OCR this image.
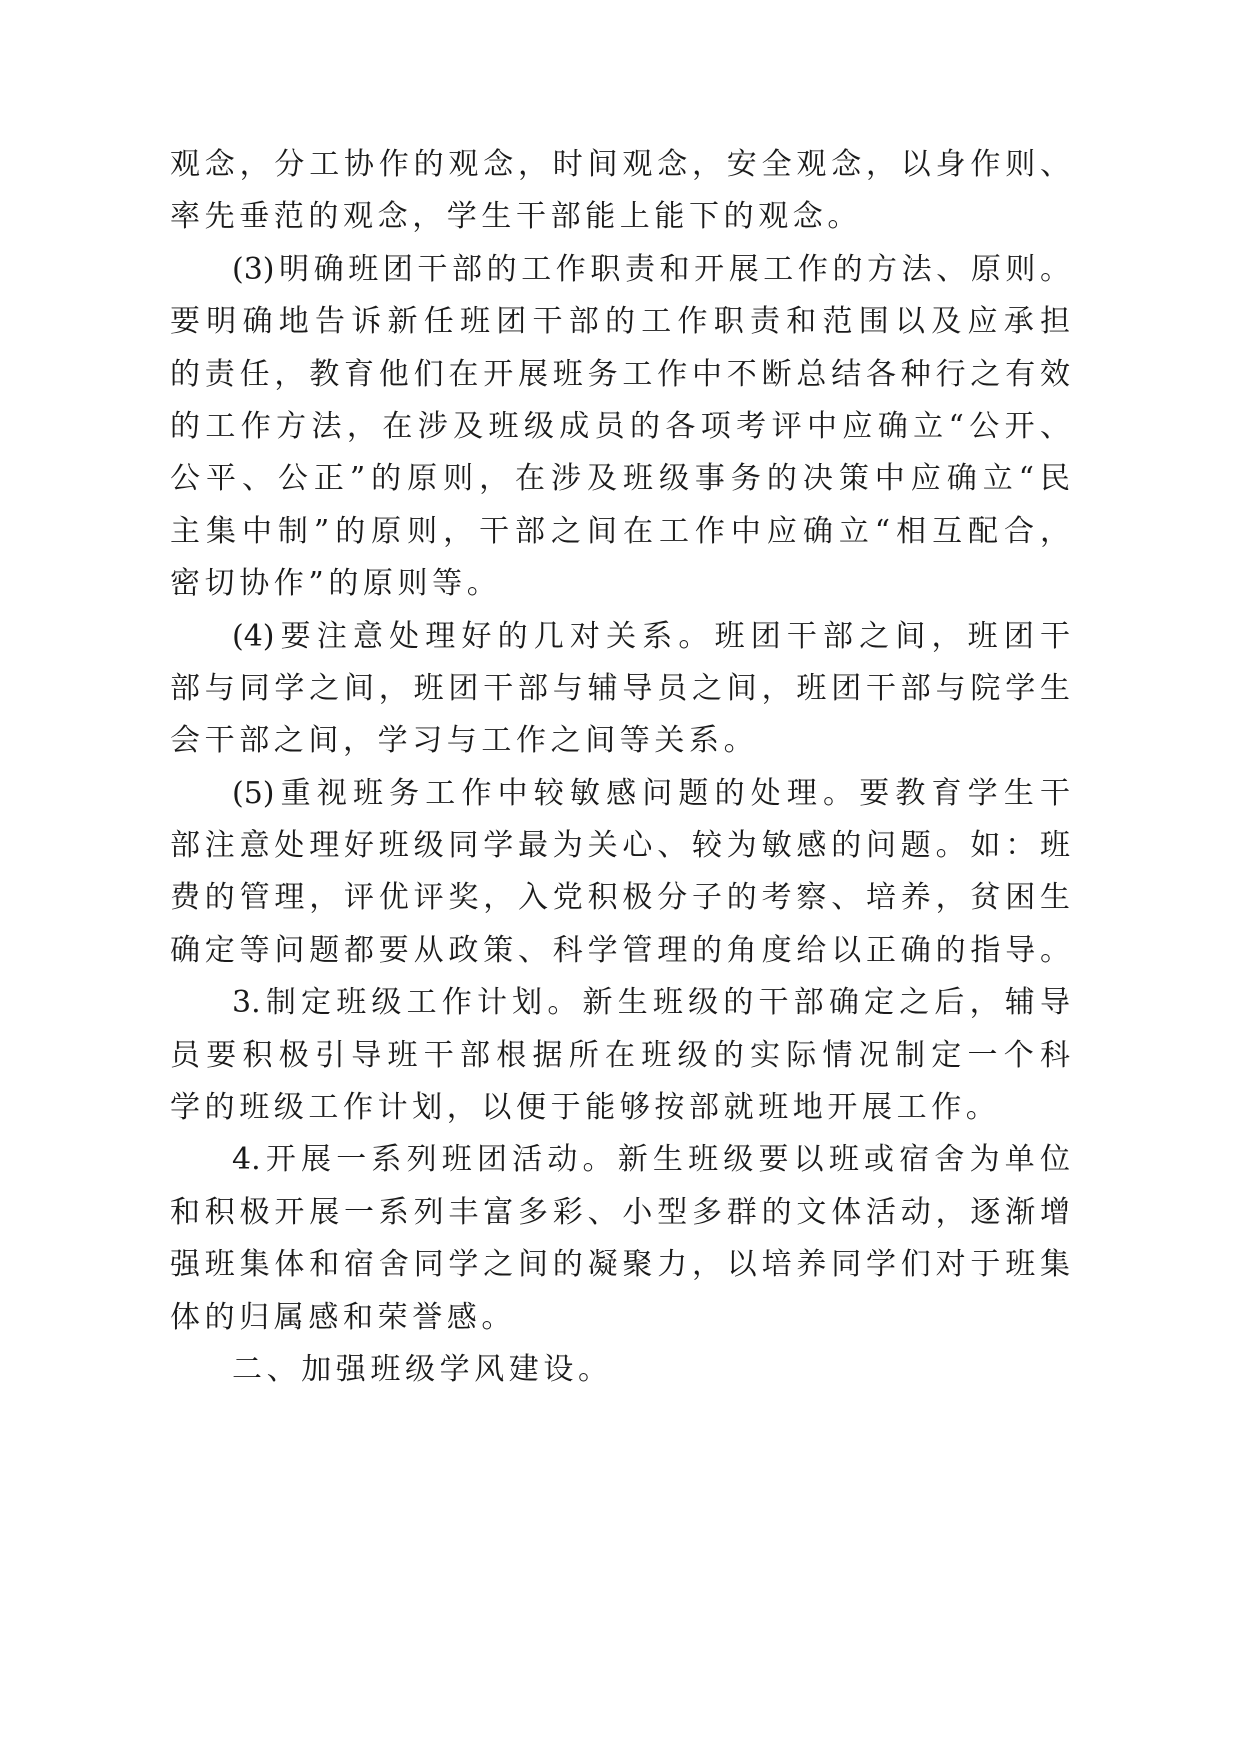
观念，分工协作的观念，时间观念，安全观念，以身作则、
率先垂范的观念，学生干部能上能下的观念。
(3)明确班团干部的工作职责和开展工作的方法、原则。
要明确地告诉新任班团干部的工作职责和范围以及应承担
的责任，教育他们在开展班务工作中不断总结各种行之有效
的工作方法，在涉及班级成员的各项考评中应确立“公开、
公平、公正”的原则，在涉及班级事务的决策中应确立“民
主集中制”的原则，干部之间在工作中应确立“相互配合，
密切协作”的原则等。
(4)要注意处理好的几对关系。班团干部之间，班团干
部与同学之间，班团干部与辅导员之间，班团干部与院学生
会干部之间，学习与工作之间等关系。
(5)重视班务工作中较敏感问题的处理。要教育学生干
部注意处理好班级同学最为关心、较为敏感的问题。如：班
费的管理，评优评奖，入党积极分子的考察、培养，贫困生
确定等问题都要从政策、科学管理的角度给以正确的指导。
3.制定班级工作计划。新生班级的干部确定之后，辅导
员要积极引导班干部根据所在班级的实际情况制定一个科
学的班级工作计划，以便于能够按部就班地开展工作。
4.开展一系列班团活动。新生班级要以班或宿舍为单位
和积极开展一系列丰富多彩、小型多群的文体活动，逐渐增
强班集体和宿舍同学之间的凝聚力，以培养同学们对于班集
体的归属感和荣誉感。
二、加强班级学风建设。
